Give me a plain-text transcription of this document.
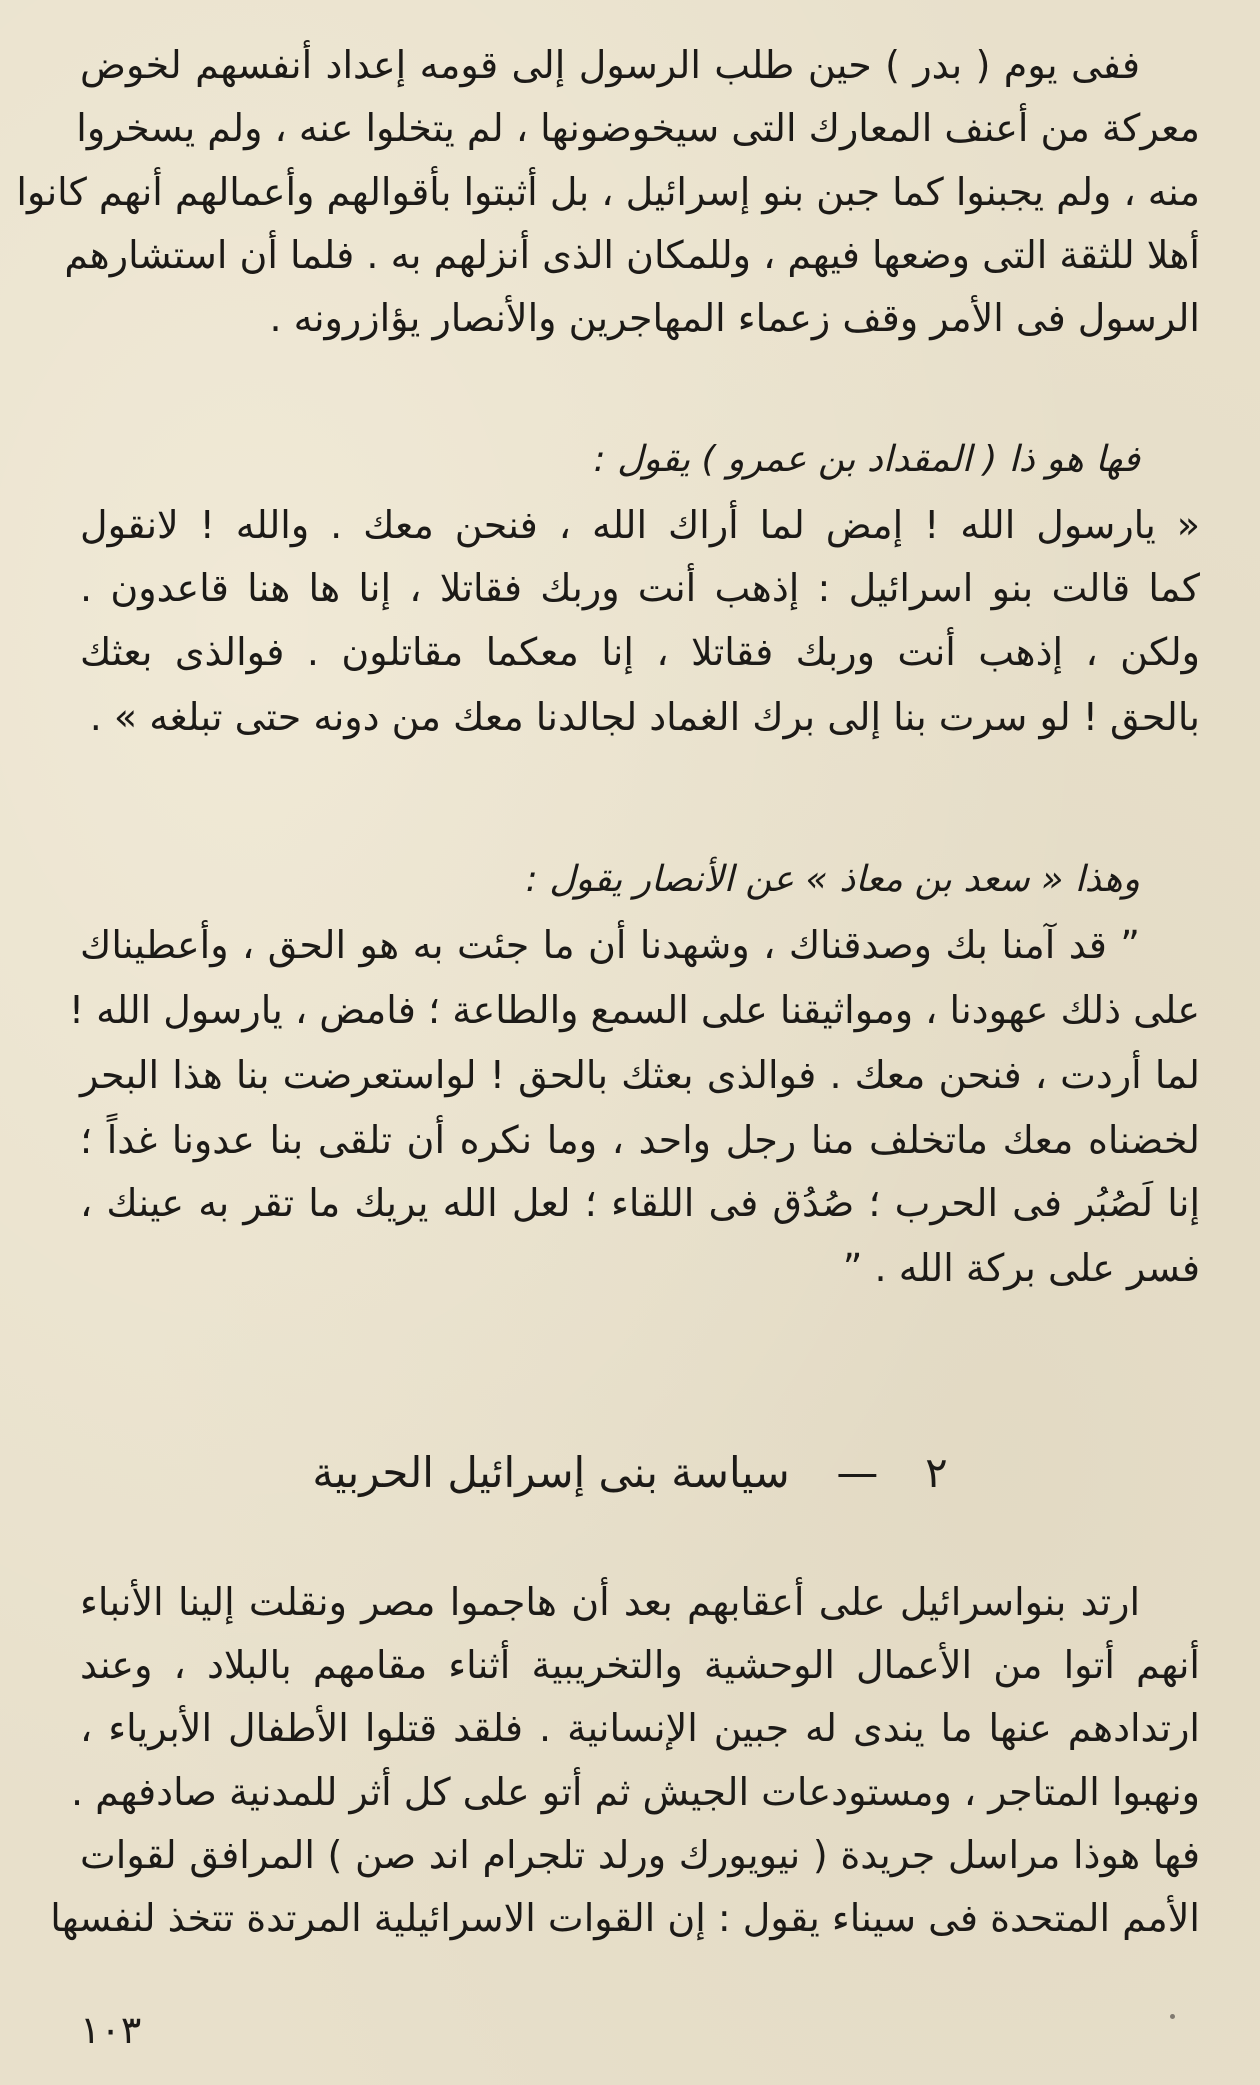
ففى يوم ( بدر ) حين طلب الرسول إلى قومه إعداد أنفسهم لخوض
معركة من أعنف المعارك التى سيخوضونها ، لم يتخلوا عنه ، ولم يسخروا
منه ، ولم يجبنوا كما جبن بنو إسرائيل ، بل أثبتوا بأقوالهم وأعمالهم أنهم كانوا
أهلا للثقة التى وضعها فيهم ، وللمكان الذى أنزلهم به . فلما أن استشارهم
الرسول فى الأمر وقف زعماء المهاجرين والأنصار يؤازرونه .
فها هو ذا ( المقداد بن عمرو ) يقول :
« يارسول الله ! إمض لما أراك الله ، فنحن معك . والله ! لانقول
كما قالت بنو اسرائيل : إذهب أنت وربك فقاتلا ، إنا ها هنا قاعدون .
ولكن ، إذهب أنت وربك فقاتلا ، إنا معكما مقاتلون . فوالذى بعثك
بالحق ! لو سرت بنا إلى برك الغماد لجالدنا معك من دونه حتى تبلغه » .
وهذا « سعد بن معاذ » عن الأنصار يقول :
” قد آمنا بك وصدقناك ، وشهدنا أن ما جئت به هو الحق ، وأعطيناك
على ذلك عهودنا ، ومواثيقنا على السمع والطاعة ؛ فامض ، يارسول الله !
لما أردت ، فنحن معك . فوالذى بعثك بالحق ! لواستعرضت بنا هذا البحر
لخضناه معك ماتخلف منا رجل واحد ، وما نكره أن تلقى بنا عدونا غداً ؛
إنا لَصُبُر فى الحرب ؛ صُدُق فى اللقاء ؛ لعل الله يريك ما تقر به عينك ،
فسر على بركة الله . ”
٢  —  سياسة بنى إسرائيل الحربية
ارتد بنواسرائيل على أعقابهم بعد أن هاجموا مصر ونقلت إلينا الأنباء
أنهم أتوا من الأعمال الوحشية والتخريبية أثناء مقامهم بالبلاد ، وعند
ارتدادهم عنها ما يندى له جبين الإنسانية . فلقد قتلوا الأطفال الأبرياء ،
ونهبوا المتاجر ، ومستودعات الجيش ثم أتو على كل أثر للمدنية صادفهم .
فها هوذا مراسل جريدة ( نيويورك ورلد تلجرام اند صن ) المرافق لقوات
الأمم المتحدة فى سيناء يقول : إن القوات الاسرائيلية المرتدة تتخذ لنفسها
١٠٣
